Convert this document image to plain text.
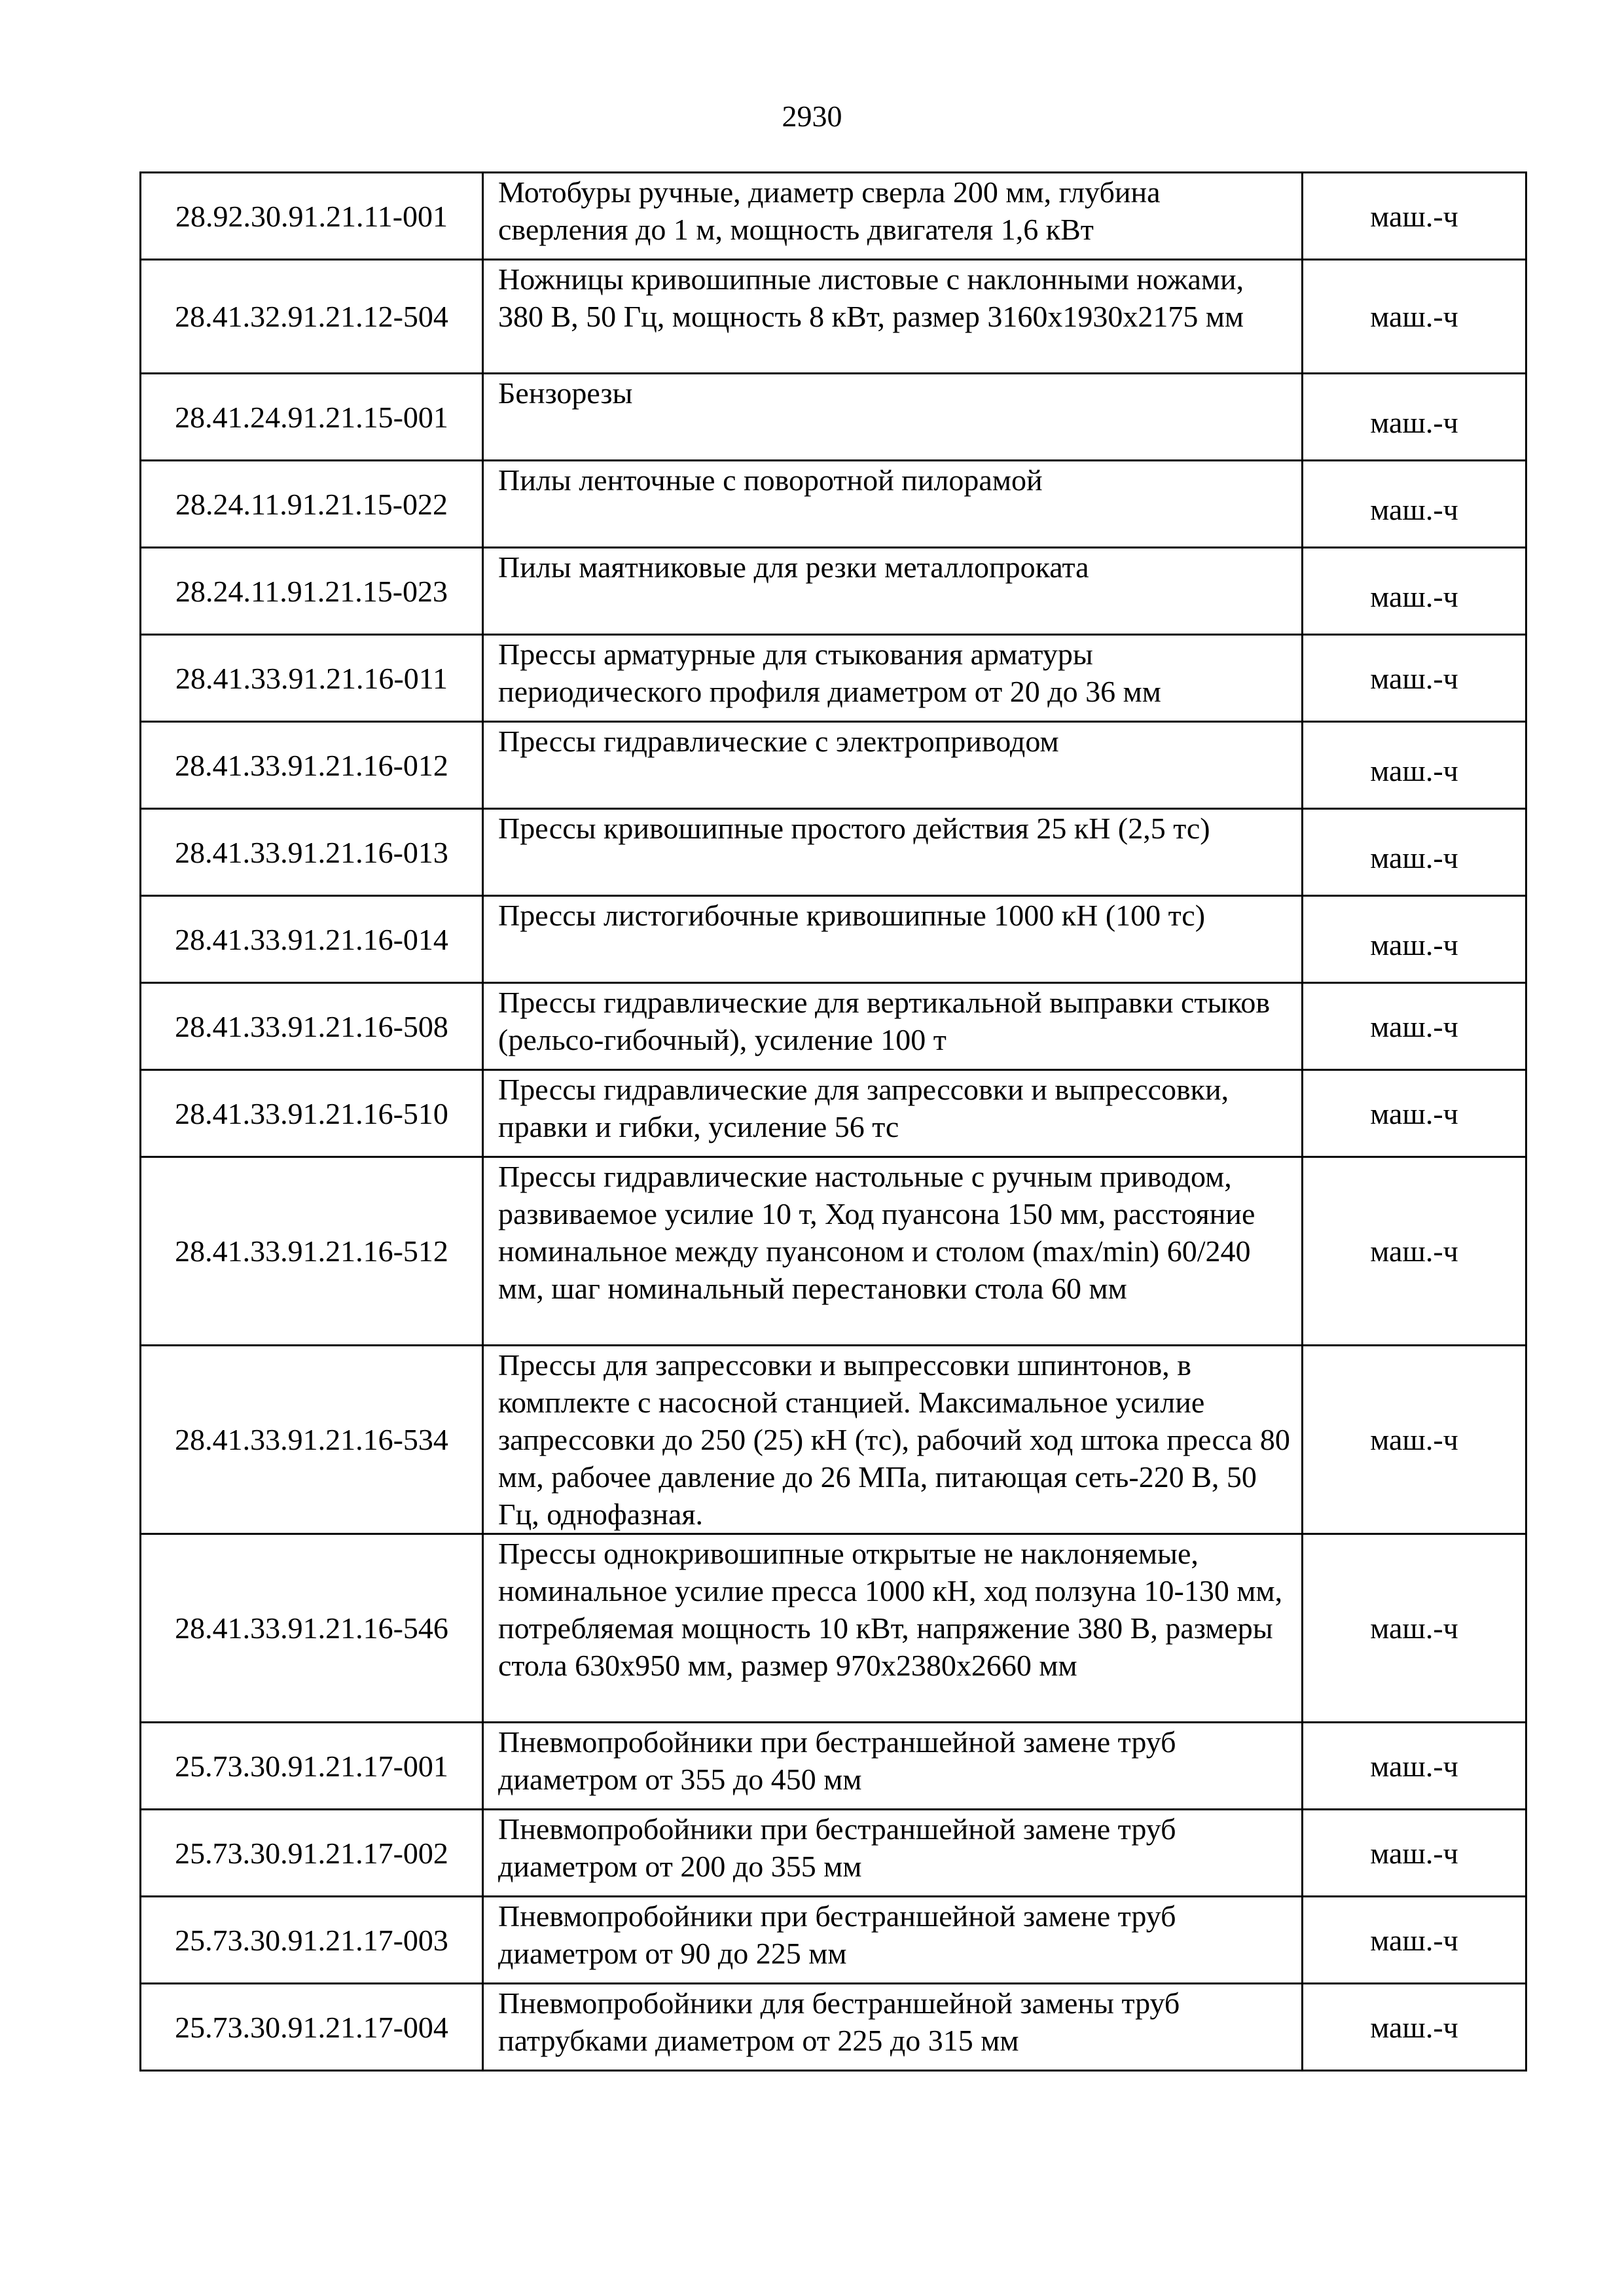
2930
28.92.30.91.21.11-001	Мотобуры ручные, диаметр сверла 200 мм, глубина сверления до 1 м, мощность двигателя 1,6 кВт	маш.-ч
28.41.32.91.21.12-504	Ножницы кривошипные листовые с наклонными ножами, 380 В, 50 Гц, мощность 8 кВт, размер 3160х1930х2175 мм	маш.-ч
28.41.24.91.21.15-001	Бензорезы	маш.-ч
28.24.11.91.21.15-022	Пилы ленточные с поворотной пилорамой	маш.-ч
28.24.11.91.21.15-023	Пилы маятниковые для резки металлопроката	маш.-ч
28.41.33.91.21.16-011	Прессы арматурные для стыкования арматуры периодического профиля диаметром от 20 до 36 мм	маш.-ч
28.41.33.91.21.16-012	Прессы гидравлические с электроприводом	маш.-ч
28.41.33.91.21.16-013	Прессы кривошипные простого действия 25 кН (2,5 тс)	маш.-ч
28.41.33.91.21.16-014	Прессы листогибочные кривошипные 1000 кН (100 тс)	маш.-ч
28.41.33.91.21.16-508	Прессы гидравлические для вертикальной выправки стыков (рельсо-гибочный), усиление 100 т	маш.-ч
28.41.33.91.21.16-510	Прессы гидравлические для запрессовки и выпрессовки, правки и гибки, усиление 56 тс	маш.-ч
28.41.33.91.21.16-512	Прессы гидравлические настольные с ручным приводом, развиваемое усилие 10 т, Ход пуансона 150 мм, расстояние номинальное между пуансоном и столом (max/min) 60/240 мм, шаг номинальный перестановки стола 60 мм	маш.-ч
28.41.33.91.21.16-534	Прессы для запрессовки и выпрессовки шпинтонов, в комплекте с насосной станцией. Максимальное усилие запрессовки до 250 (25) кН (тс), рабочий ход штока пресса 80 мм, рабочее давление до 26 МПа, питающая сеть-220 В, 50 Гц, однофазная.	маш.-ч
28.41.33.91.21.16-546	Прессы однокривошипные открытые не наклоняемые, номинальное усилие пресса 1000 кН, ход ползуна 10-130 мм, потребляемая мощность 10 кВт, напряжение 380 В, размеры стола 630х950 мм, размер 970х2380х2660 мм	маш.-ч
25.73.30.91.21.17-001	Пневмопробойники при бестраншейной замене труб диаметром от 355 до 450 мм	маш.-ч
25.73.30.91.21.17-002	Пневмопробойники при бестраншейной замене труб диаметром от 200 до 355 мм	маш.-ч
25.73.30.91.21.17-003	Пневмопробойники при бестраншейной замене труб диаметром от 90 до 225 мм	маш.-ч
25.73.30.91.21.17-004	Пневмопробойники для бестраншейной замены труб патрубками диаметром от 225 до 315 мм	маш.-ч
